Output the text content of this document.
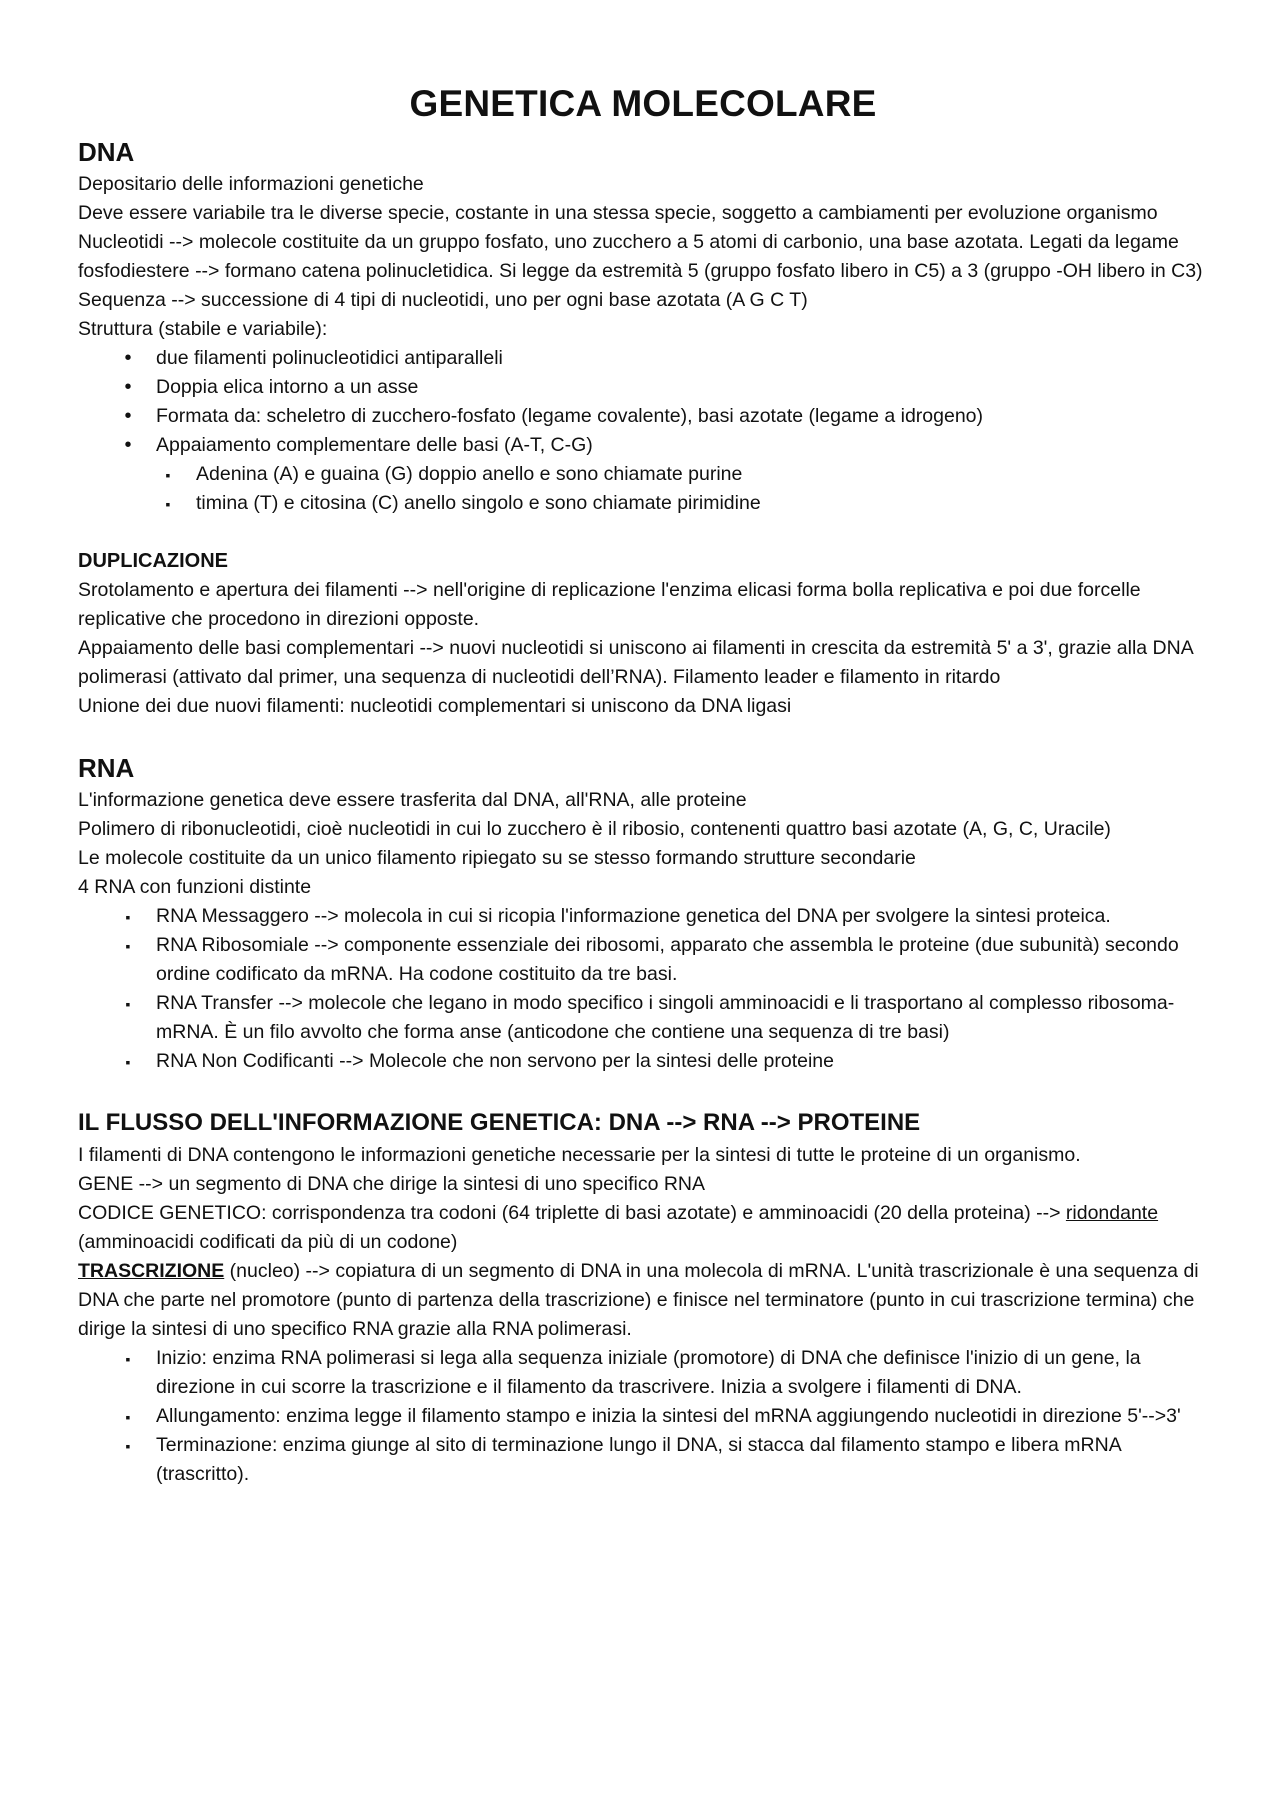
GENETICA MOLECOLARE
DNA

Depositario delle informazioni genetiche

Deve essere variabile tra le diverse specie, costante in una stessa specie, soggetto a cambiamenti per evoluzione organismo

Nucleotidi --> molecole costituite da un gruppo fosfato, uno zucchero a 5 atomi di carbonio, una base azotata. Legati da legame fosfodiestere --> formano catena polinucletidica. Si legge da estremità 5 (gruppo fosfato libero in C5) a 3 (gruppo -OH libero in C3)

Sequenza --> successione di 4 tipi di nucleotidi, uno per ogni base azotata (A G C T)

Struttura (stabile e variabile):

•
due filamenti polinucleotidici antiparalleli
•
Doppia elica intorno a un asse
•
Formata da: scheletro di zucchero-fosfato (legame covalente), basi azotate (legame a idrogeno)
•
Appaiamento complementare delle basi (A-T, C-G)
▪
Adenina (A) e guaina (G) doppio anello e sono chiamate purine
▪
timina (T) e citosina (C) anello singolo e sono chiamate pirimidine
DUPLICAZIONE

Srotolamento e apertura dei filamenti --> nell'origine di replicazione l'enzima elicasi forma bolla replicativa e poi due forcelle replicative che procedono in direzioni opposte.

Appaiamento delle basi complementari --> nuovi nucleotidi si uniscono ai filamenti in crescita da estremità 5' a 3', grazie alla DNA polimerasi (attivato dal primer, una sequenza di nucleotidi dell’RNA). Filamento leader e filamento in ritardo

Unione dei due nuovi filamenti: nucleotidi complementari si uniscono da DNA ligasi

RNA

L'informazione genetica deve essere trasferita dal DNA, all'RNA, alle proteine

Polimero di ribonucleotidi, cioè nucleotidi in cui lo zucchero è il ribosio, contenenti quattro basi azotate (A, G, C, Uracile)

Le molecole costituite da un unico filamento ripiegato su se stesso formando strutture secondarie

4 RNA con funzioni distinte

▪
RNA Messaggero --> molecola in cui si ricopia l'informazione genetica del DNA per svolgere la sintesi proteica.
▪
RNA Ribosomiale --> componente essenziale dei ribosomi, apparato che assembla le proteine (due subunità) secondo ordine codificato da mRNA. Ha codone costituito da tre basi.
▪
RNA Transfer --> molecole che legano in modo specifico i singoli amminoacidi e li trasportano al complesso ribosoma-mRNA. È un filo avvolto che forma anse (anticodone che contiene una sequenza di tre basi)
▪
RNA Non Codificanti --> Molecole che non servono per la sintesi delle proteine
IL FLUSSO DELL'INFORMAZIONE GENETICA: DNA --> RNA --> PROTEINE

I filamenti di DNA contengono le informazioni genetiche necessarie per la sintesi di tutte le proteine di un organismo.

GENE --> un segmento di DNA che dirige la sintesi di uno specifico RNA

CODICE GENETICO: corrispondenza tra codoni (64 triplette di basi azotate) e amminoacidi (20 della proteina) --> ridondante (amminoacidi codificati da più di un codone)

TRASCRIZIONE (nucleo) --> copiatura di un segmento di DNA in una molecola di mRNA. L'unità trascrizionale è una sequenza di DNA che parte nel promotore (punto di partenza della trascrizione) e finisce nel terminatore (punto in cui trascrizione termina) che dirige la sintesi di uno specifico RNA grazie alla RNA polimerasi.

▪
Inizio: enzima RNA polimerasi si lega alla sequenza iniziale (promotore) di DNA che definisce l'inizio di un gene, la direzione in cui scorre la trascrizione e il filamento da trascrivere. Inizia a svolgere i filamenti di DNA.
▪
Allungamento: enzima legge il filamento stampo e inizia la sintesi del mRNA aggiungendo nucleotidi in direzione 5'-->3'
▪
Terminazione: enzima giunge al sito di terminazione lungo il DNA, si stacca dal filamento stampo e libera mRNA (trascritto).
